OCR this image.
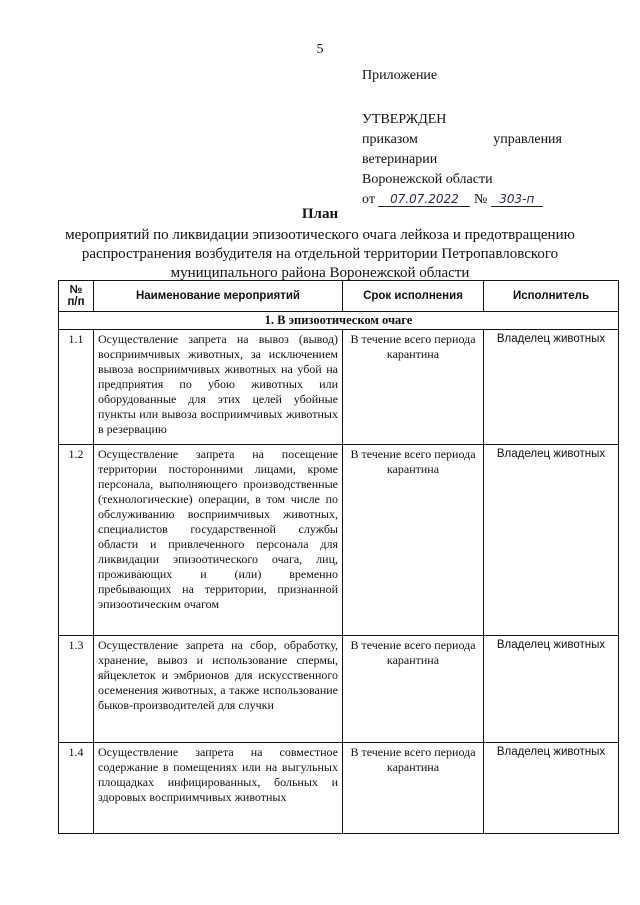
5
Приложение
УТВЕРЖДЕН
приказом управления ветеринарии
Воронежской области
от 07.07.2022 № 303-п
План
мероприятий по ликвидации эпизоотического очага лейкоза и предотвращению распространения возбудителя на отдельной территории Петропавловского муниципального района Воронежской области
№ п/п	Наименование мероприятий	Срок исполнения	Исполнитель
1. В эпизоотическом очаге			
1.1	Осуществление запрета на вывоз (вывод) восприимчивых животных, за исключением вывоза восприимчивых животных на убой на предприятия по убою животных или оборудованные для этих целей убойные пункты или вывоза восприимчивых животных в резервацию	В течение всего периода карантина	Владелец животных
1.2	Осуществление запрета на посещение территории посторонними лицами, кроме персонала, выполняющего производственные (технологические) операции, в том числе по обслуживанию восприимчивых животных, специалистов государственной службы области и привлеченного персонала для ликвидации эпизоотического очага, лиц, проживающих и (или) временно пребывающих на территории, признанной эпизоотическим очагом	В течение всего периода карантина	Владелец животных
1.3	Осуществление запрета на сбор, обработку, хранение, вывоз и использование спермы, яйцеклеток и эмбрионов для искусственного осеменения животных, а также использование быков-производителей для случки	В течение всего периода карантина	Владелец животных
1.4	Осуществление запрета на совместное содержание в помещениях или на выгульных площадках инфицированных, больных и здоровых восприимчивых животных	В течение всего периода карантина	Владелец животных
